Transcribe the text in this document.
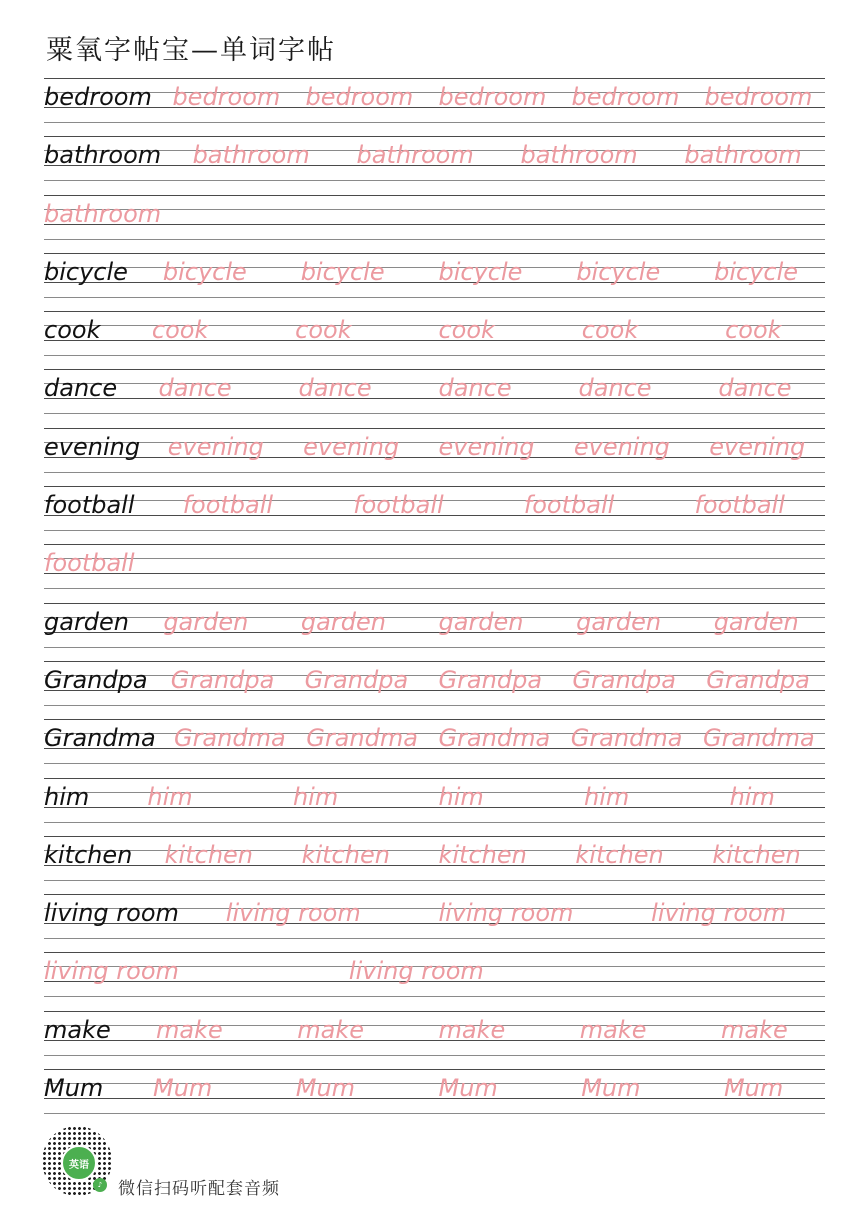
粟氧字帖宝—单词字帖
bedroom bedroom bedroom bedroom bedroom bedroom
bathroom bathroom bathroom bathroom bathroom
bathroom
bicycle bicycle bicycle bicycle bicycle bicycle
cook cook	cook	cook	cook	cook
dance dance	dance	dance	dance	dance
evening evening evening evening evening evening
football football	football	football	football
football
garden garden garden garden garden garden
Grandpa Grandpa Grandpa Grandpa Grandpa Grandpa
Grandma Grandma Grandma Grandma Grandma Grandma
him him	him	him	him	him
kitchen kitchen kitchen kitchen kitchen kitchen
living room living room	living room	living room
living room	living room
make make	make	make	make	make
Mum Mum	Mum	Mum	Mum	Mum
英语
♪ 微信扫码听配套音频
